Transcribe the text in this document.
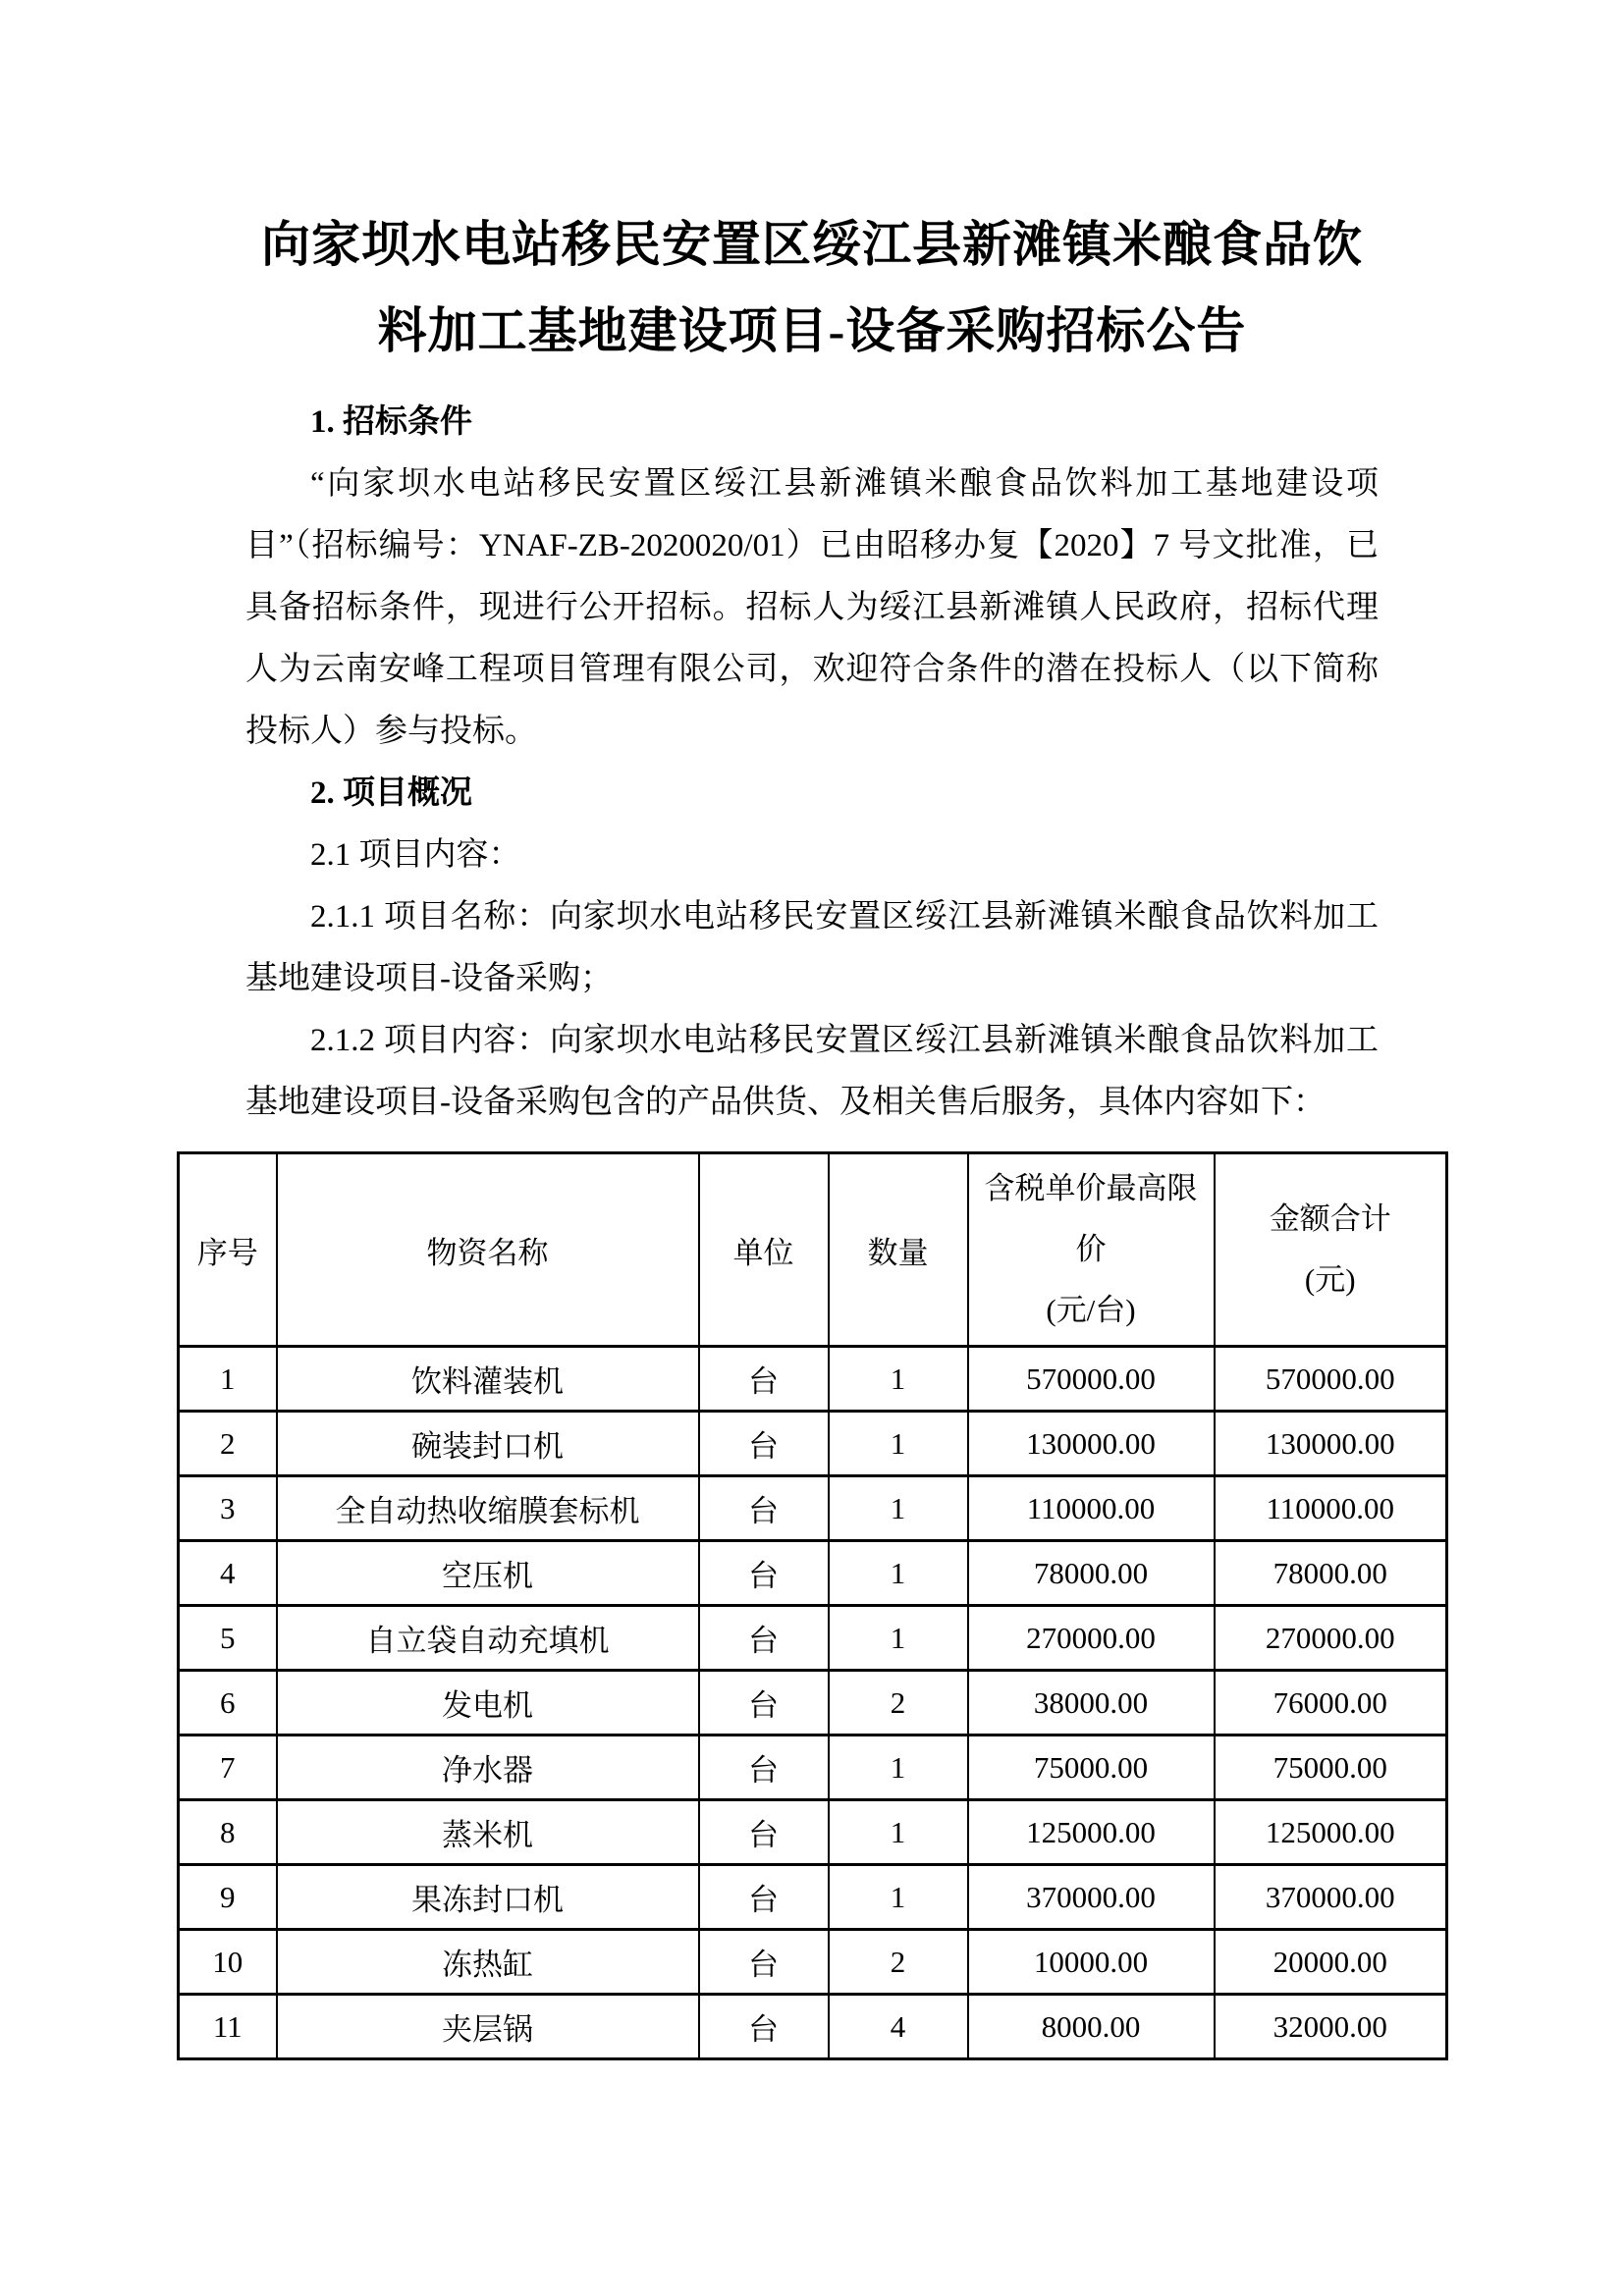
向家坝水电站移民安置区绥江县新滩镇米酿食品饮
料加工基地建设项目-设备采购招标公告

1. 招标条件

“向家坝水电站移民安置区绥江县新滩镇米酿食品饮料加工基地建设项目”（招标编号：YNAF-ZB-2020020/01）已由昭移办复【2020】7 号文批准，已具备招标条件，现进行公开招标。招标人为绥江县新滩镇人民政府，招标代理人为云南安峰工程项目管理有限公司，欢迎符合条件的潜在投标人（以下简称投标人）参与投标。

2. 项目概况

2.1 项目内容：

2.1.1 项目名称：向家坝水电站移民安置区绥江县新滩镇米酿食品饮料加工基地建设项目-设备采购；

2.1.2 项目内容：向家坝水电站移民安置区绥江县新滩镇米酿食品饮料加工基地建设项目-设备采购包含的产品供货、及相关售后服务，具体内容如下：

序号	物资名称	单位	数量	含税单价最高限
价
(元/台)	金额合计
(元)

1	饮料灌装机	台	1	570000.00	570000.00
2	碗装封口机	台	1	130000.00	130000.00
3	全自动热收缩膜套标机	台	1	110000.00	110000.00
4	空压机	台	1	78000.00	78000.00
5	自立袋自动充填机	台	1	270000.00	270000.00
6	发电机	台	2	38000.00	76000.00
7	净水器	台	1	75000.00	75000.00
8	蒸米机	台	1	125000.00	125000.00
9	果冻封口机	台	1	370000.00	370000.00
10	冻热缸	台	2	10000.00	20000.00
11	夹层锅	台	4	8000.00	32000.00
